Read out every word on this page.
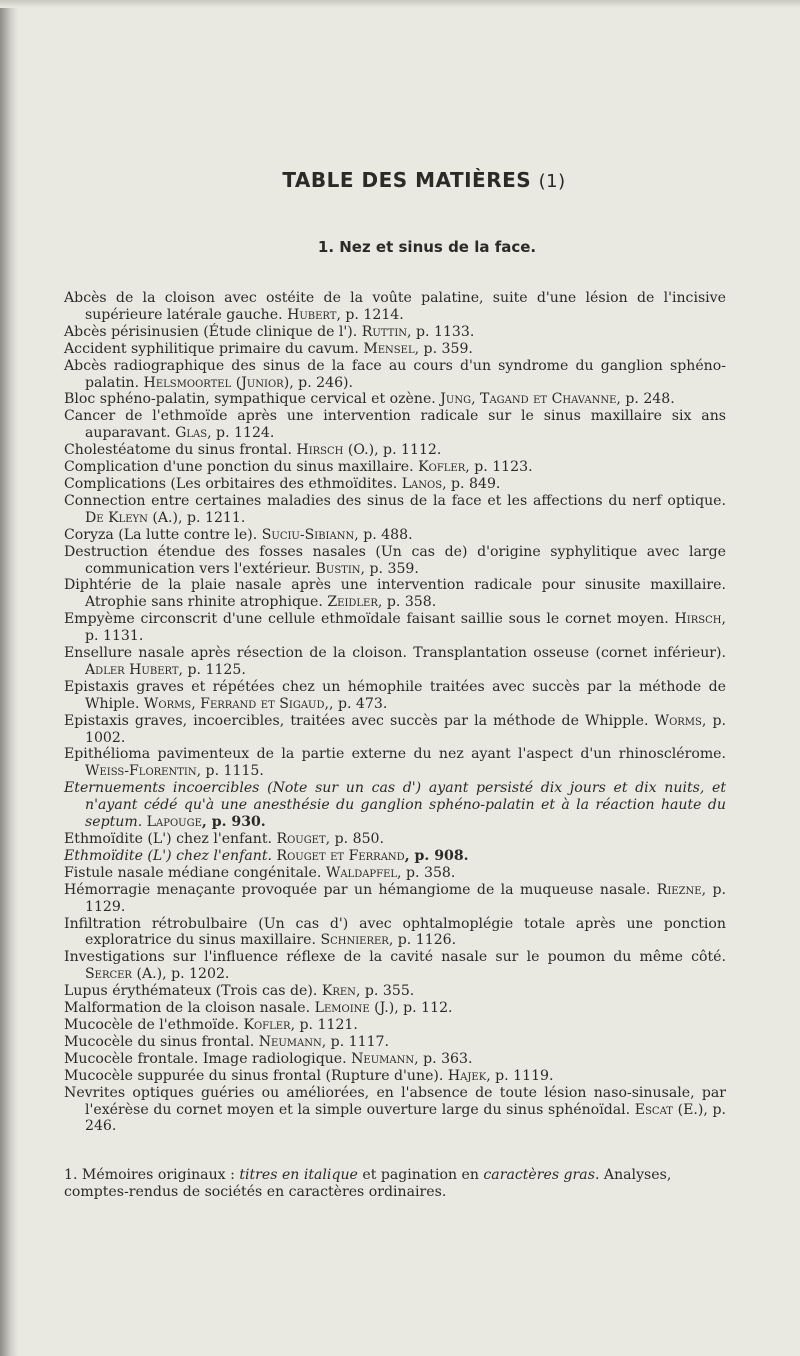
TABLE DES MATIÈRES (1)
1. Nez et sinus de la face.
Abcès de la cloison avec ostéite de la voûte palatine, suite d'une lésion de l'incisive supérieure latérale gauche. Hubert, p. 1214.
Abcès périsinusien (Étude clinique de l'). Ruttin, p. 1133.
Accident syphilitique primaire du cavum. Mensel, p. 359.
Abcès radiographique des sinus de la face au cours d'un syndrome du ganglion sphéno-palatin. Helsmoortel (Junior), p. 246).
Bloc sphéno-palatin, sympathique cervical et ozène. Jung, Tagand et Chavanne, p. 248.
Cancer de l'ethmoïde après une intervention radicale sur le sinus maxillaire six ans auparavant. Glas, p. 1124.
Cholestéatome du sinus frontal. Hirsch (O.), p. 1112.
Complication d'une ponction du sinus maxillaire. Kofler, p. 1123.
Complications (Les orbitaires des ethmoïdites. Lanos, p. 849.
Connection entre certaines maladies des sinus de la face et les affections du nerf optique. De Kleyn (A.), p. 1211.
Coryza (La lutte contre le). Suciu-Sibiann, p. 488.
Destruction étendue des fosses nasales (Un cas de) d'origine syphylitique avec large communication vers l'extérieur. Bustin, p. 359.
Diphtérie de la plaie nasale après une intervention radicale pour sinusite maxillaire. Atrophie sans rhinite atrophique. Zeidler, p. 358.
Empyème circonscrit d'une cellule ethmoïdale faisant saillie sous le cornet moyen. Hirsch, p. 1131.
Ensellure nasale après résection de la cloison. Transplantation osseuse (cornet inférieur). Adler Hubert, p. 1125.
Epistaxis graves et répétées chez un hémophile traitées avec succès par la méthode de Whiple. Worms, Ferrand et Sigaud,, p. 473.
Epistaxis graves, incoercibles, traitées avec succès par la méthode de Whipple. Worms, p. 1002.
Epithélioma pavimenteux de la partie externe du nez ayant l'aspect d'un rhinosclérome. Weiss-Florentin, p. 1115.
Eternuements incoercibles (Note sur un cas d') ayant persisté dix jours et dix nuits, et n'ayant cédé qu'à une anesthésie du ganglion sphéno-palatin et à la réaction haute du septum. Lapouge, p. 930.
Ethmoïdite (L') chez l'enfant. Rouget, p. 850.
Ethmoïdite (L') chez l'enfant. Rouget et Ferrand, p. 908.
Fistule nasale médiane congénitale. Waldapfel, p. 358.
Hémorragie menaçante provoquée par un hémangiome de la muqueuse nasale. Riezne, p. 1129.
Infiltration rétrobulbaire (Un cas d') avec ophtalmoplégie totale après une ponction exploratrice du sinus maxillaire. Schnierer, p. 1126.
Investigations sur l'influence réflexe de la cavité nasale sur le poumon du même côté. Sercer (A.), p. 1202.
Lupus érythémateux (Trois cas de). Kren, p. 355.
Malformation de la cloison nasale. Lemoine (J.), p. 112.
Mucocèle de l'ethmoïde. Kofler, p. 1121.
Mucocèle du sinus frontal. Neumann, p. 1117.
Mucocèle frontale. Image radiologique. Neumann, p. 363.
Mucocèle suppurée du sinus frontal (Rupture d'une). Hajek, p. 1119.
Nevrites optiques guéries ou améliorées, en l'absence de toute lésion naso-sinusale, par l'exérèse du cornet moyen et la simple ouverture large du sinus sphénoïdal. Escat (E.), p. 246.

1. Mémoires originaux : titres en italique et pagination en caractères gras. Analyses, comptes-rendus de sociétés en caractères ordinaires.
